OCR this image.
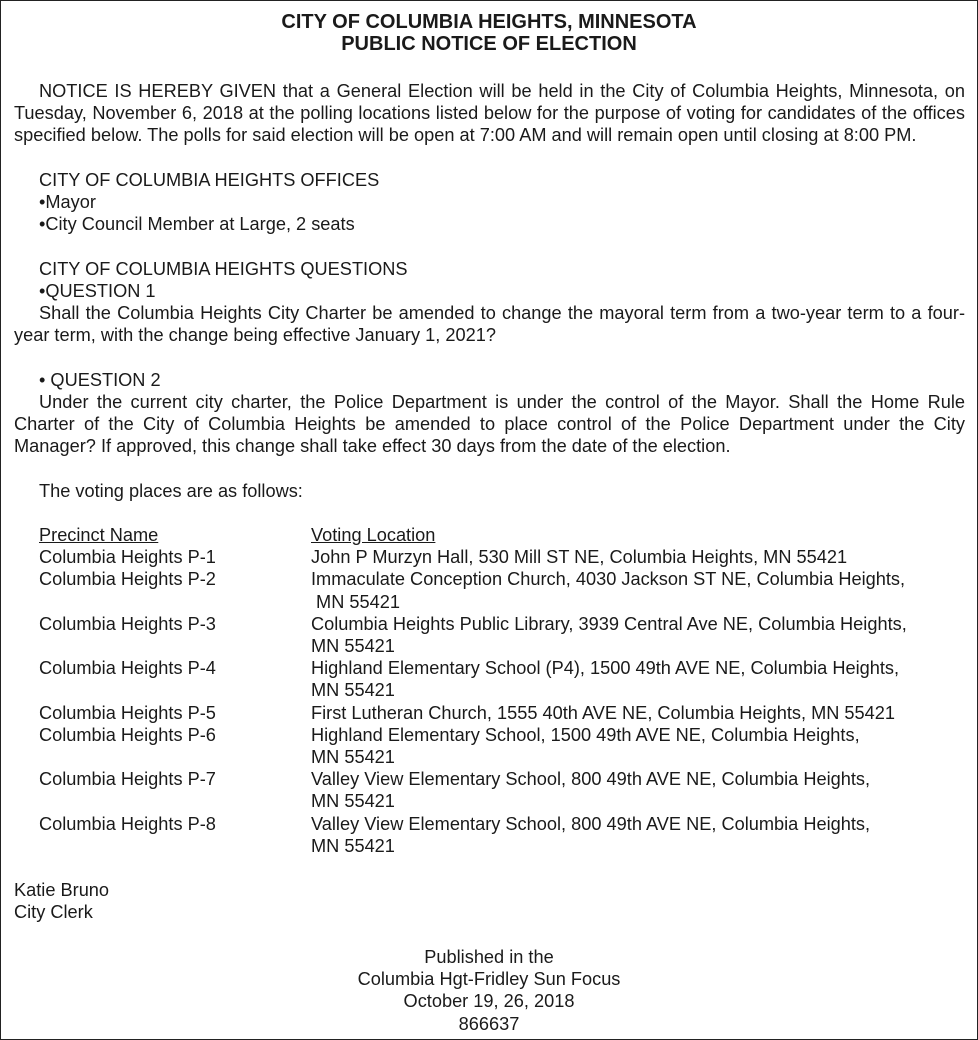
CITY OF COLUMBIA HEIGHTS, MINNESOTA
PUBLIC NOTICE OF ELECTION
NOTICE IS HEREBY GIVEN that a General Election will be held in the City of Columbia Heights, Minnesota, on Tuesday, November 6, 2018 at the polling locations listed below for the purpose of voting for candidates of the offices specified below. The polls for said election will be open at 7:00 AM and will remain open until closing at 8:00 PM.
CITY OF COLUMBIA HEIGHTS OFFICES
•Mayor
•City Council Member at Large, 2 seats
CITY OF COLUMBIA HEIGHTS QUESTIONS
•QUESTION 1
Shall the Columbia Heights City Charter be amended to change the mayoral term from a two-year term to a four-year term, with the change being effective January 1, 2021?
• QUESTION 2
Under the current city charter, the Police Department is under the control of the Mayor. Shall the Home Rule Charter of the City of Columbia Heights be amended to place control of the Police Department under the City Manager? If approved, this change shall take effect 30 days from the date of the election.
The voting places are as follows:
Precinct Name	Voting Location
Columbia Heights P-1	John P Murzyn Hall, 530 Mill ST NE, Columbia Heights, MN 55421
Columbia Heights P-2	Immaculate Conception Church, 4030 Jackson ST NE, Columbia Heights,
MN 55421
Columbia Heights P-3	Columbia Heights Public Library, 3939 Central Ave NE, Columbia Heights,
MN 55421
Columbia Heights P-4	Highland Elementary School (P4), 1500 49th AVE NE, Columbia Heights,
MN 55421
Columbia Heights P-5	First Lutheran Church, 1555 40th AVE NE, Columbia Heights, MN 55421
Columbia Heights P-6	Highland Elementary School, 1500 49th AVE NE, Columbia Heights,
MN 55421
Columbia Heights P-7	Valley View Elementary School, 800 49th AVE NE, Columbia Heights,
MN 55421
Columbia Heights P-8	Valley View Elementary School, 800 49th AVE NE, Columbia Heights,
MN 55421
Katie Bruno
City Clerk
Published in the
Columbia Hgt-Fridley Sun Focus
October 19, 26, 2018
866637
